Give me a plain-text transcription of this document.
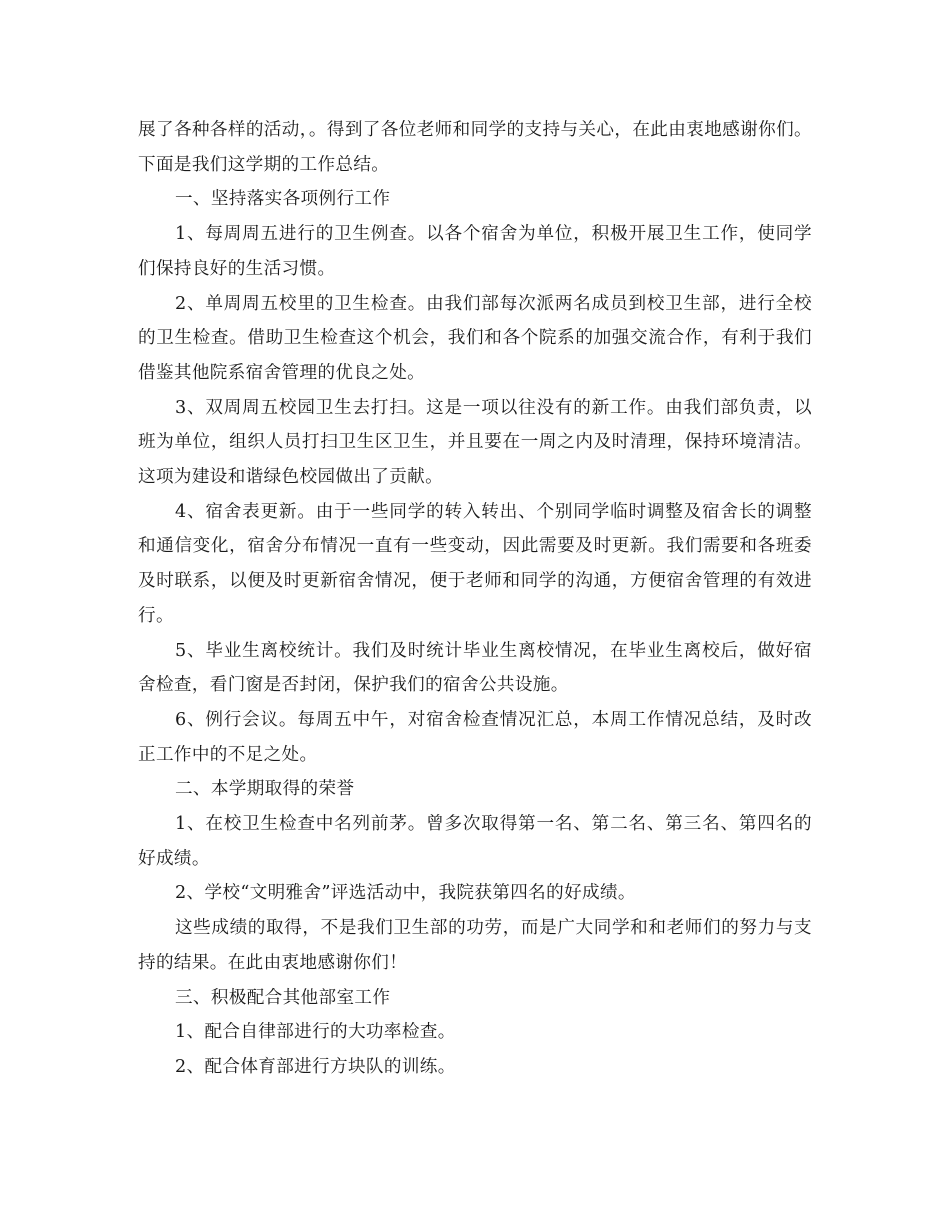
展了各种各样的活动，。得到了各位老师和同学的支持与关心，在此由衷地感谢你们。下面是我们这学期的工作总结。

一、坚持落实各项例行工作

1、每周周五进行的卫生例查。以各个宿舍为单位，积极开展卫生工作，使同学们保持良好的生活习惯。

2、单周周五校里的卫生检查。由我们部每次派两名成员到校卫生部，进行全校的卫生检查。借助卫生检查这个机会，我们和各个院系的加强交流合作，有利于我们借鉴其他院系宿舍管理的优良之处。

3、双周周五校园卫生去打扫。这是一项以往没有的新工作。由我们部负责，以班为单位，组织人员打扫卫生区卫生，并且要在一周之内及时清理，保持环境清洁。这项为建设和谐绿色校园做出了贡献。

4、宿舍表更新。由于一些同学的转入转出、个别同学临时调整及宿舍长的调整和通信变化，宿舍分布情况一直有一些变动，因此需要及时更新。我们需要和各班委及时联系，以便及时更新宿舍情况，便于老师和同学的沟通，方便宿舍管理的有效进行。

5、毕业生离校统计。我们及时统计毕业生离校情况，在毕业生离校后，做好宿舍检查，看门窗是否封闭，保护我们的宿舍公共设施。

6、例行会议。每周五中午，对宿舍检查情况汇总，本周工作情况总结，及时改正工作中的不足之处。

二、本学期取得的荣誉

1、在校卫生检查中名列前茅。曾多次取得第一名、第二名、第三名、第四名的好成绩。

2、学校“文明雅舍”评选活动中，我院获第四名的好成绩。

这些成绩的取得，不是我们卫生部的功劳，而是广大同学和和老师们的努力与支持的结果。在此由衷地感谢你们！

三、积极配合其他部室工作

1、配合自律部进行的大功率检查。

2、配合体育部进行方块队的训练。
